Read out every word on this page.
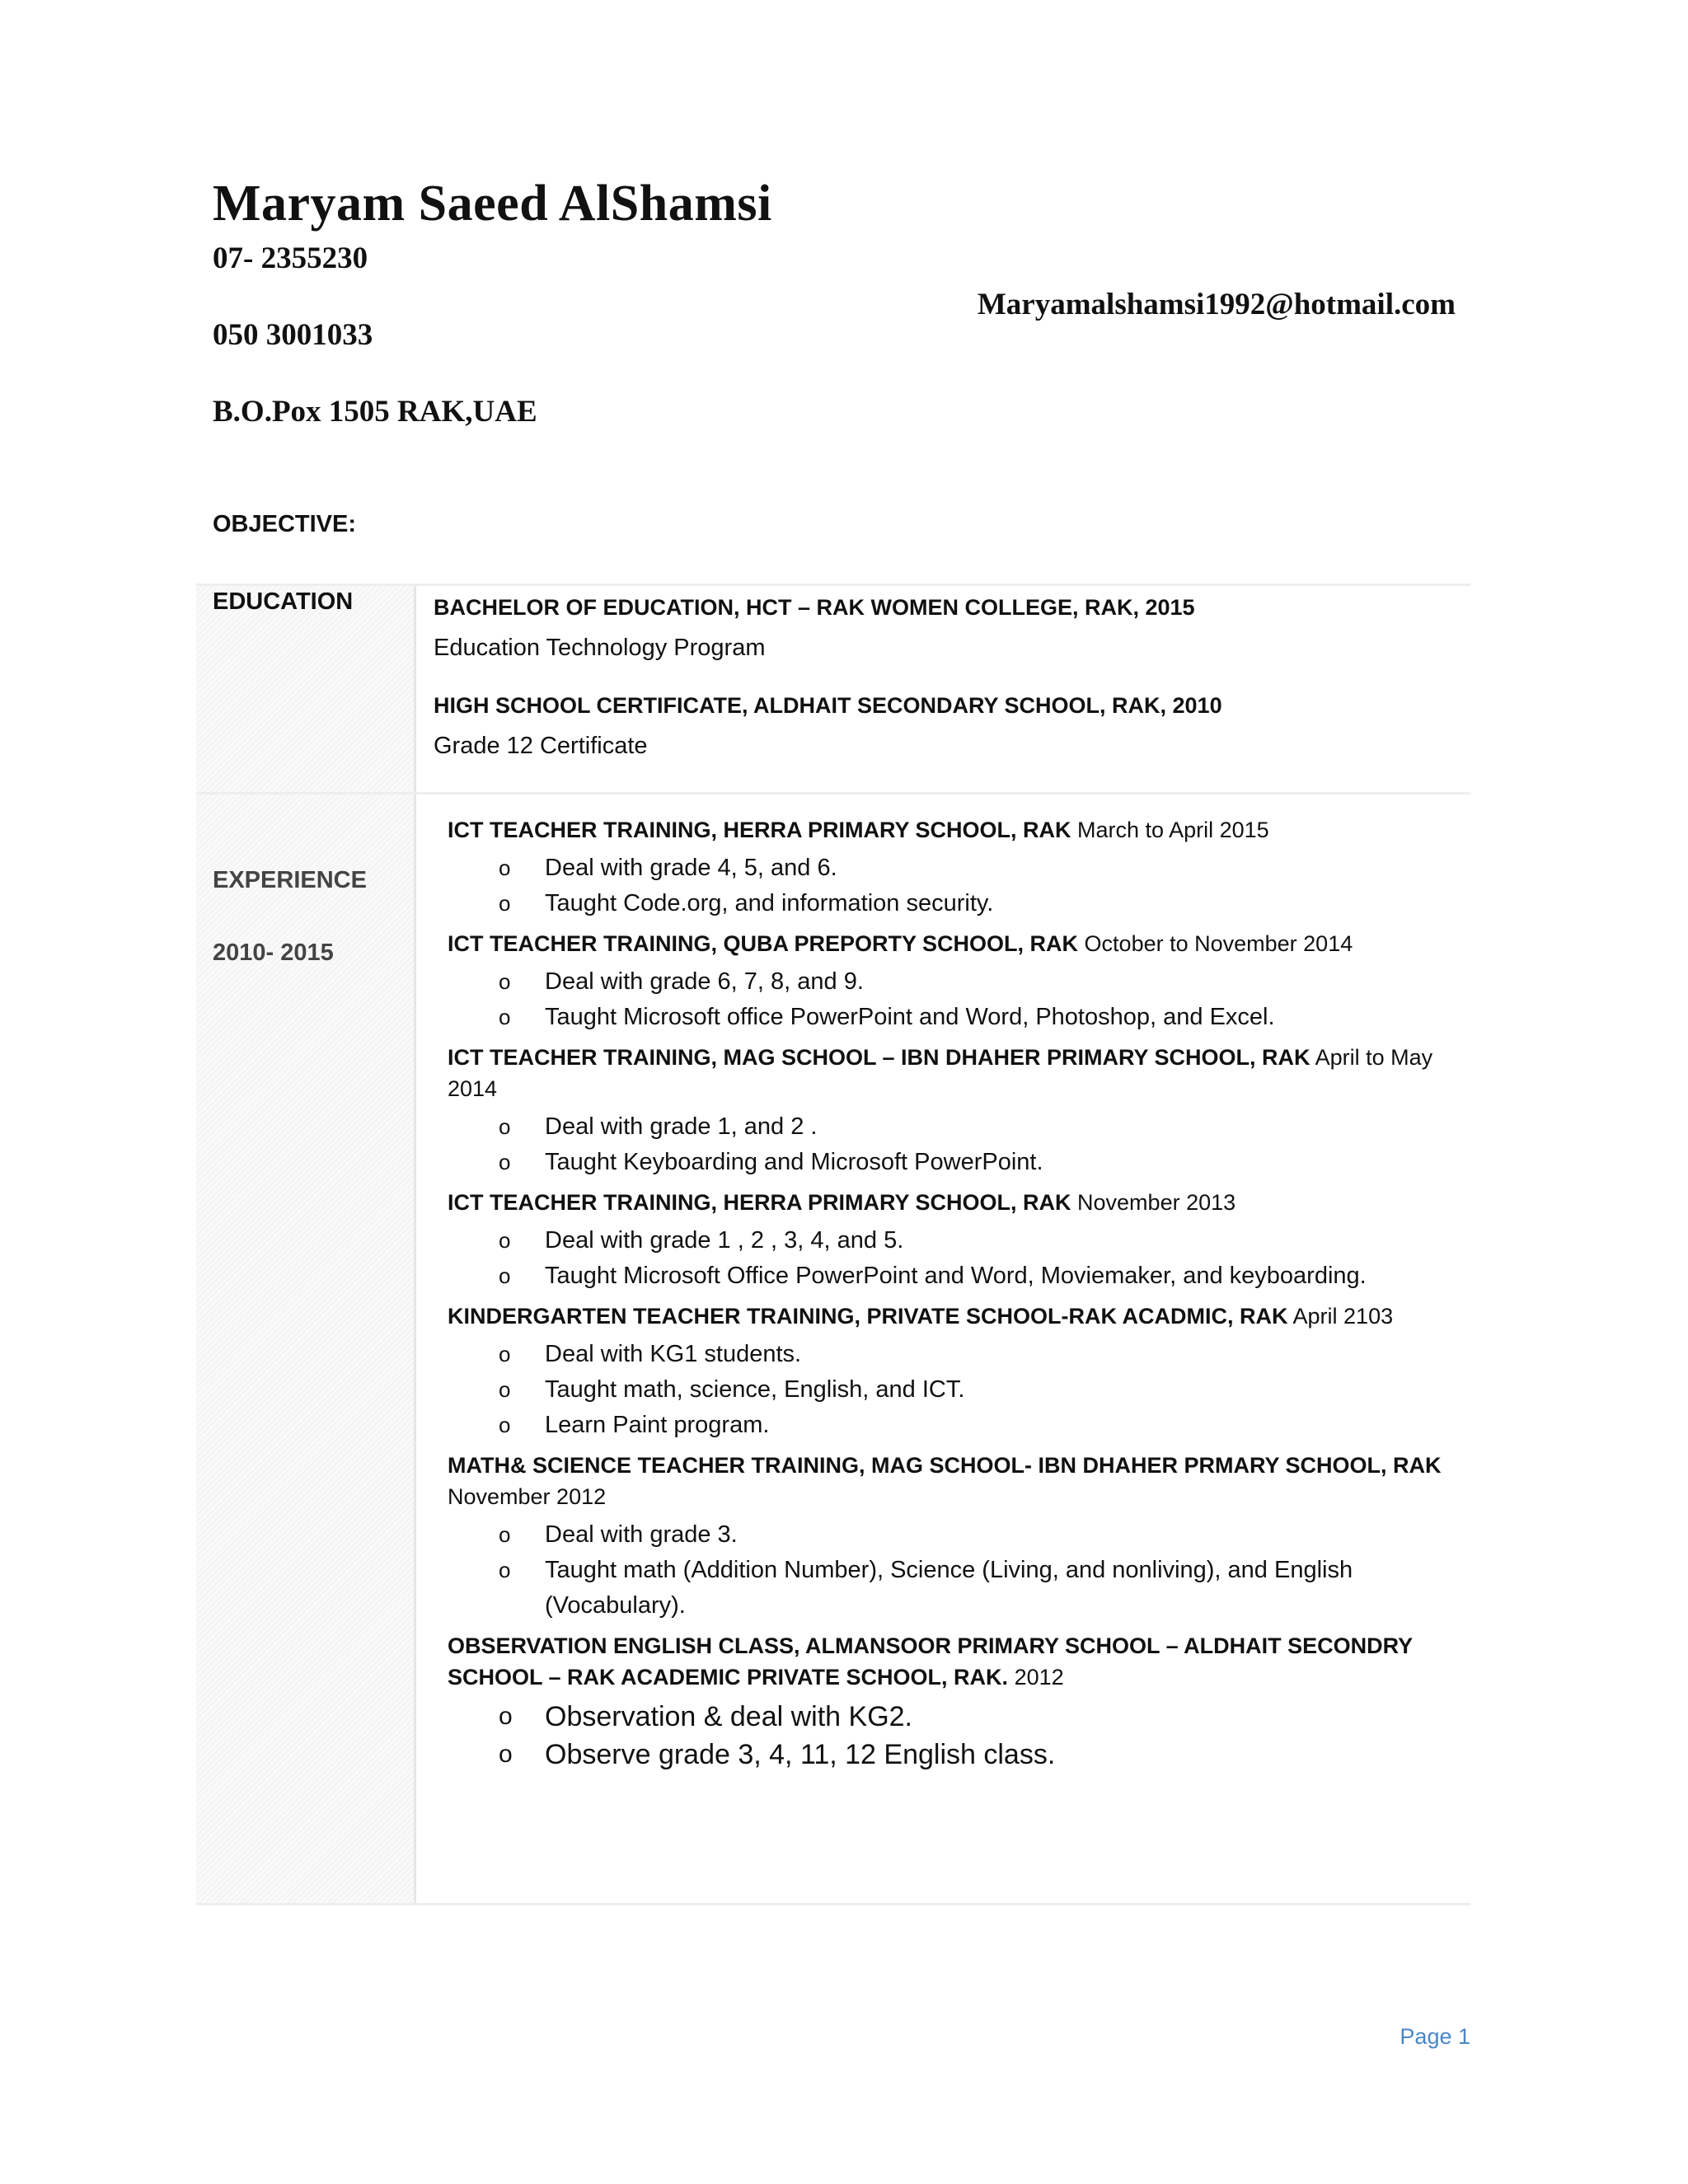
Maryam Saeed AlShamsi
07- 2355230
Maryamalshamsi1992@hotmail.com
050 3001033
B.O.Pox 1505 RAK,UAE
OBJECTIVE:
EDUCATION	BACHELOR OF EDUCATION, HCT – RAK WOMEN COLLEGE, RAK, 2015
Education Technology Program
HIGH SCHOOL CERTIFICATE, ALDHAIT SECONDARY SCHOOL, RAK, 2010
Grade 12 Certificate
EXPERIENCE
2010- 2015
ICT TEACHER TRAINING, HERRA PRIMARY SCHOOL, RAK March to April 2015
o Deal with grade 4, 5, and 6.
o Taught Code.org, and information security.
ICT TEACHER TRAINING, QUBA PREPORTY SCHOOL, RAK October to November 2014
o Deal with grade 6, 7, 8, and 9.
o Taught Microsoft office PowerPoint and Word, Photoshop, and Excel.
ICT TEACHER TRAINING, MAG SCHOOL – IBN DHAHER PRIMARY SCHOOL, RAK April to May 2014
o Deal with grade 1, and 2 .
o Taught Keyboarding and Microsoft PowerPoint.
ICT TEACHER TRAINING, HERRA PRIMARY SCHOOL, RAK November 2013
o Deal with grade 1 , 2 , 3, 4, and 5.
o Taught Microsoft Office PowerPoint and Word, Moviemaker, and keyboarding.
KINDERGARTEN TEACHER TRAINING, PRIVATE SCHOOL-RAK ACADMIC, RAK April 2103
o Deal with KG1 students.
o Taught math, science, English, and ICT.
o Learn Paint program.
MATH& SCIENCE TEACHER TRAINING, MAG SCHOOL- IBN DHAHER PRMARY SCHOOL, RAK November 2012
o Deal with grade 3.
o Taught math (Addition Number), Science (Living, and nonliving), and English (Vocabulary).
OBSERVATION ENGLISH CLASS, ALMANSOOR PRIMARY SCHOOL – ALDHAIT SECONDRY SCHOOL – RAK ACADEMIC PRIVATE SCHOOL, RAK. 2012
o Observation & deal with KG2.
o Observe grade 3, 4, 11, 12 English class.
Page 1
